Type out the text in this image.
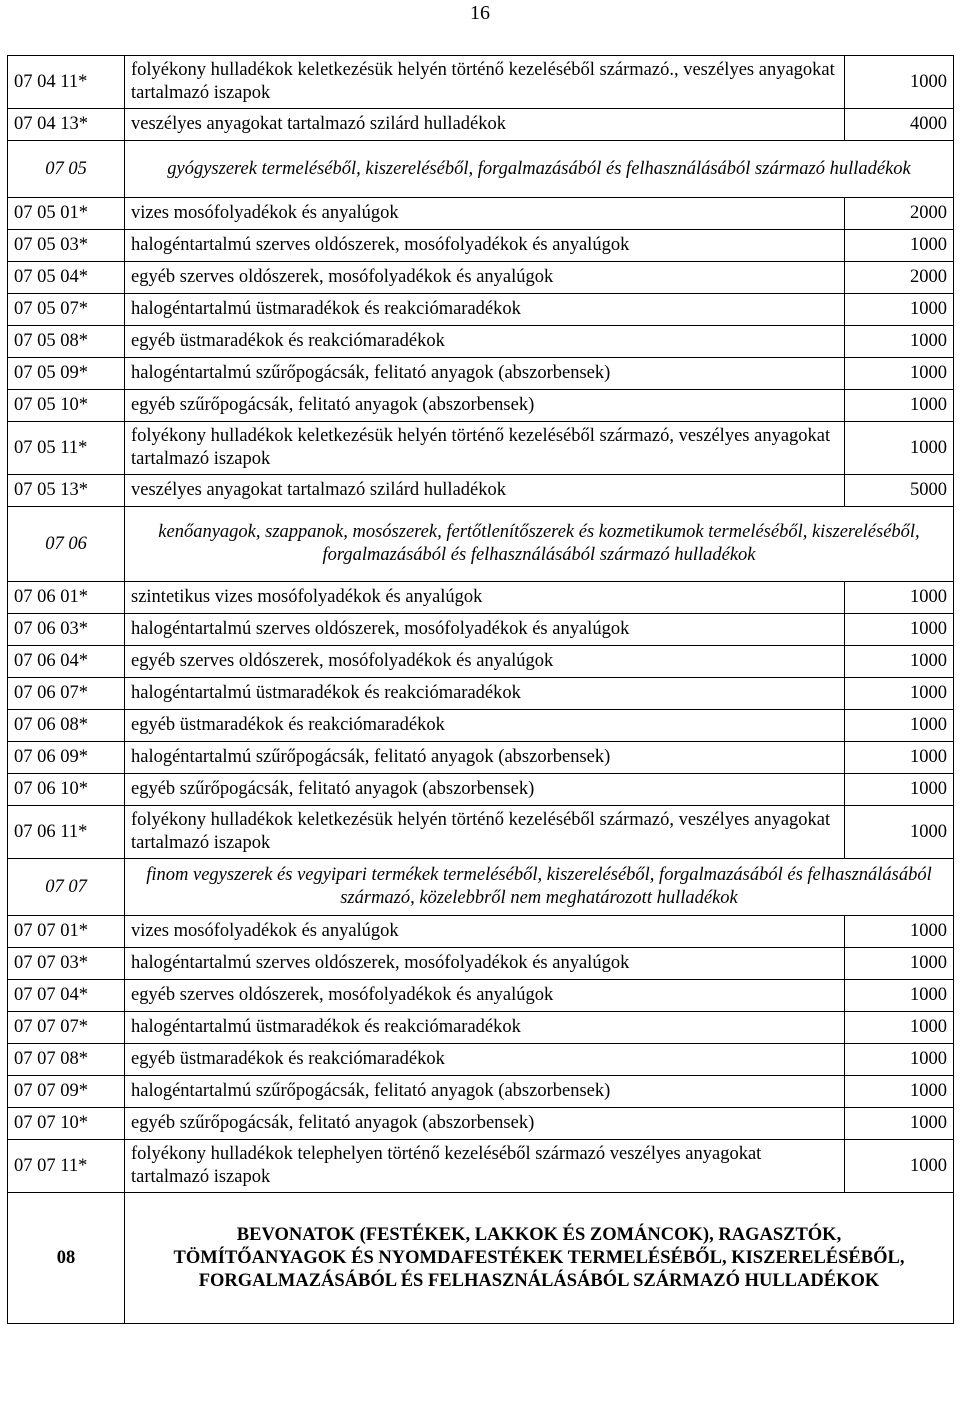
16
07 04 11*	folyékony hulladékok keletkezésük helyén történő kezeléséből származó., veszélyes anyagokat tartalmazó iszapok	1000
07 04 13*	veszélyes anyagokat tartalmazó szilárd hulladékok	4000
07 05	gyógyszerek termeléséből, kiszereléséből, forgalmazásából és felhasználásából származó hulladékok	
07 05 01*	vizes mosófolyadékok és anyalúgok	2000
07 05 03*	halogéntartalmú szerves oldószerek, mosófolyadékok és anyalúgok	1000
07 05 04*	egyéb szerves oldószerek, mosófolyadékok és anyalúgok	2000
07 05 07*	halogéntartalmú üstmaradékok és reakciómaradékok	1000
07 05 08*	egyéb üstmaradékok és reakciómaradékok	1000
07 05 09*	halogéntartalmú szűrőpogácsák, felitató anyagok (abszorbensek)	1000
07 05 10*	egyéb szűrőpogácsák, felitató anyagok (abszorbensek)	1000
07 05 11*	folyékony hulladékok keletkezésük helyén történő kezeléséből származó, veszélyes anyagokat tartalmazó iszapok	1000
07 05 13*	veszélyes anyagokat tartalmazó szilárd hulladékok	5000
07 06	kenőanyagok, szappanok, mosószerek, fertőtlenítőszerek és kozmetikumok termeléséből, kiszereléséből, forgalmazásából és felhasználásából származó hulladékok	
07 06 01*	szintetikus vizes mosófolyadékok és anyalúgok	1000
07 06 03*	halogéntartalmú szerves oldószerek, mosófolyadékok és anyalúgok	1000
07 06 04*	egyéb szerves oldószerek, mosófolyadékok és anyalúgok	1000
07 06 07*	halogéntartalmú üstmaradékok és reakciómaradékok	1000
07 06 08*	egyéb üstmaradékok és reakciómaradékok	1000
07 06 09*	halogéntartalmú szűrőpogácsák, felitató anyagok (abszorbensek)	1000
07 06 10*	egyéb szűrőpogácsák, felitató anyagok (abszorbensek)	1000
07 06 11*	folyékony hulladékok keletkezésük helyén történő kezeléséből származó, veszélyes anyagokat tartalmazó iszapok	1000
07 07	finom vegyszerek és vegyipari termékek termeléséből, kiszereléséből, forgalmazásából és felhasználásából származó, közelebbről nem meghatározott hulladékok	
07 07 01*	vizes mosófolyadékok és anyalúgok	1000
07 07 03*	halogéntartalmú szerves oldószerek, mosófolyadékok és anyalúgok	1000
07 07 04*	egyéb szerves oldószerek, mosófolyadékok és anyalúgok	1000
07 07 07*	halogéntartalmú üstmaradékok és reakciómaradékok	1000
07 07 08*	egyéb üstmaradékok és reakciómaradékok	1000
07 07 09*	halogéntartalmú szűrőpogácsák, felitató anyagok (abszorbensek)	1000
07 07 10*	egyéb szűrőpogácsák, felitató anyagok (abszorbensek)	1000
07 07 11*	folyékony hulladékok telephelyen történő kezeléséből származó veszélyes anyagokat tartalmazó iszapok	1000
08	BEVONATOK (FESTÉKEK, LAKKOK ÉS ZOMÁNCOK), RAGASZTÓK, TÖMÍTŐANYAGOK ÉS NYOMDAFESTÉKEK TERMELÉSÉBŐL, KISZERELÉSÉBŐL, FORGALMAZÁSÁBÓL ÉS FELHASZNÁLÁSÁBÓL SZÁRMAZÓ HULLADÉKOK	
